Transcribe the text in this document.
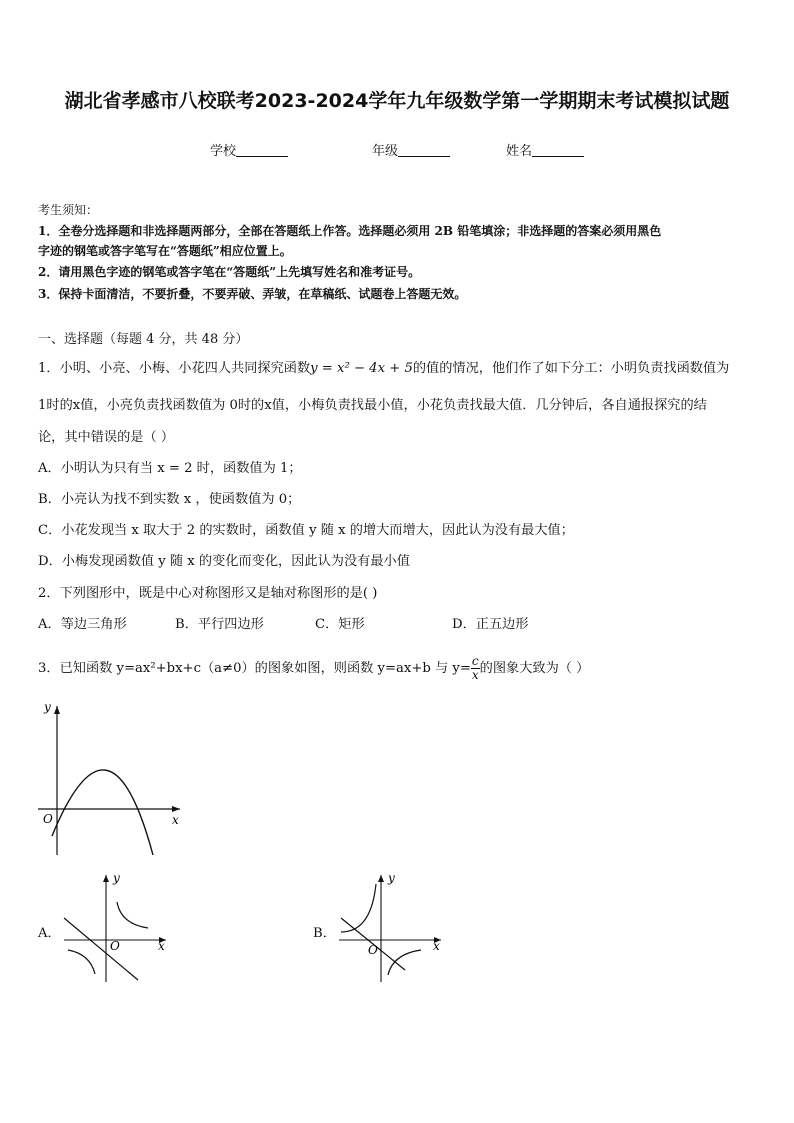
湖北省孝感市八校联考2023-2024学年九年级数学第一学期期末考试模拟试题
学校	年级	姓名
考生须知：
1．全卷分选择题和非选择题两部分，全部在答题纸上作答。选择题必须用 2B 铅笔填涂；非选择题的答案必须用黑色
字迹的钢笔或答字笔写在“答题纸”相应位置上。
2．请用黑色字迹的钢笔或答字笔在“答题纸”上先填写姓名和准考证号。
3．保持卡面清洁，不要折叠，不要弄破、弄皱，在草稿纸、试题卷上答题无效。
一、选择题（每题 4 分，共 48 分）
1．小明、小亮、小梅、小花四人共同探究函数y = x² − 4x + 5的值的情况，他们作了如下分工：小明负责找函数值为
1时的x值，小亮负责找函数值为 0时的x值，小梅负责找最小值，小花负责找最大值．几分钟后，各自通报探究的结
论，其中错误的是（ ）
A．小明认为只有当 x = 2 时，函数值为 1；
B．小亮认为找不到实数 x ，使函数值为 0；
C．小花发现当 x 取大于 2 的实数时，函数值 y 随 x 的增大而增大，因此认为没有最大值；
D．小梅发现函数值 y 随 x 的变化而变化，因此认为没有最小值
2．下列图形中，既是中心对称图形又是轴对称图形的是( )
A．等边三角形	B．平行四边形	C．矩形	D．正五边形
3．已知函数 y=ax²+bx+c（a≠0）的图象如图，则函数 y=ax+b 与 $y= \frac{c}{x}$ 的图象大致为（ ）
y
x
O
A．
y
x
O
B．
y
x
O
